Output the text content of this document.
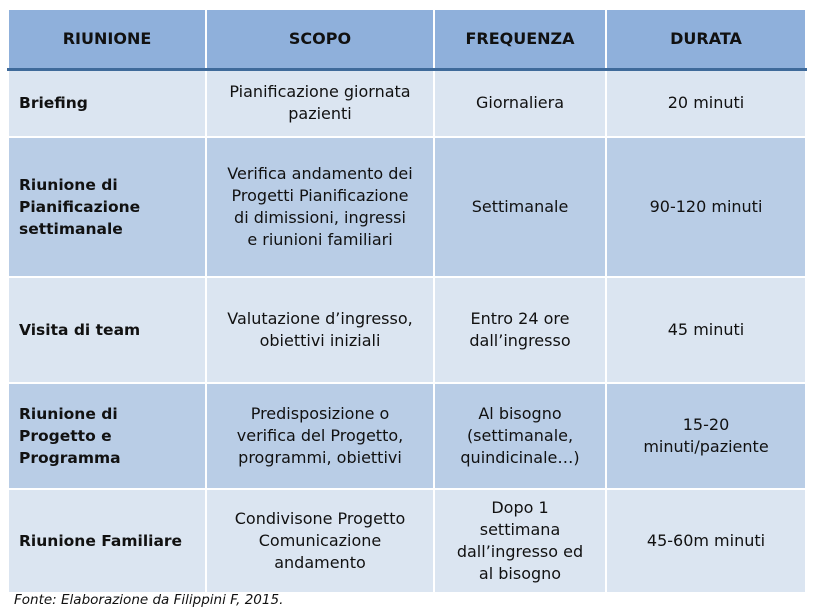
RIUNIONE	SCOPO	FREQUENZA	DURATA
Briefing	Pianificazione giornata pazienti	Giornaliera	20 minuti
Riunione di Pianificazione settimanale	Verifica andamento dei Progetti Pianificazione di dimissioni, ingressi e riunioni familiari	Settimanale	90-120 minuti
Visita di team	Valutazione d’ingresso, obiettivi iniziali	Entro 24 ore dall’ingresso	45 minuti
Riunione di Progetto e Programma	Predisposizione o verifica del Progetto, programmi, obiettivi	Al bisogno (settimanale, quindicinale…)	15-20 minuti/paziente
Riunione Familiare	Condivisone Progetto Comunicazione andamento	Dopo 1 settimana dall’ingresso ed al bisogno	45-60m minuti
Fonte: Elaborazione da Filippini F, 2015.
